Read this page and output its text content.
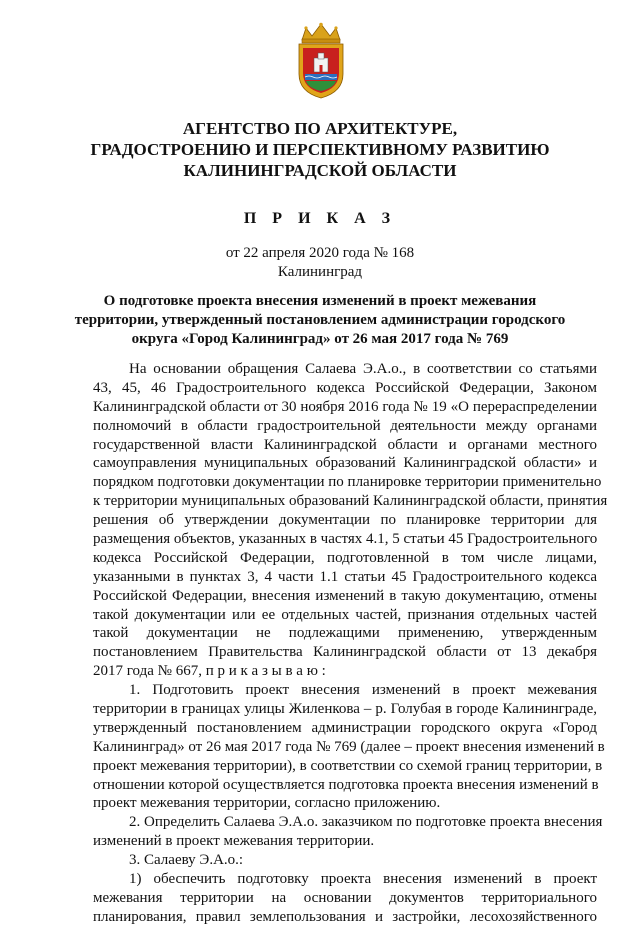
АГЕНТСТВО ПО АРХИТЕКТУРЕ,
ГРАДОСТРОЕНИЮ И ПЕРСПЕКТИВНОМУ РАЗВИТИЮ
КАЛИНИНГРАДСКОЙ ОБЛАСТИ
П Р И К А З
от 22 апреля 2020 года № 168
Калининград
О подготовке проекта внесения изменений в проект межевания
территории, утвержденный постановлением администрации городского
округа «Город Калининград» от 26 мая 2017 года № 769
На основании обращения Салаева Э.А.о., в соответствии со статьями
43, 45, 46 Градостроительного кодекса Российской Федерации, Законом
Калининградской области от 30 ноября 2016 года № 19 «О перераспределении
полномочий в области градостроительной деятельности между органами
государственной власти Калининградской области и органами местного
самоуправления муниципальных образований Калининградской области» и
порядком подготовки документации по планировке территории применительно
к территории муниципальных образований Калининградской области, принятия
решения об утверждении документации по планировке территории для
размещения объектов, указанных в частях 4.1, 5 статьи 45 Градостроительного
кодекса Российской Федерации, подготовленной в том числе лицами,
указанными в пунктах 3, 4 части 1.1 статьи 45 Градостроительного кодекса
Российской Федерации, внесения изменений в такую документацию, отмены
такой документации или ее отдельных частей, признания отдельных частей
такой документации не подлежащими применению, утвержденным
постановлением Правительства Калининградской области от 13 декабря
2017 года № 667, п р и к а з ы в а ю :
1. Подготовить проект внесения изменений в проект межевания
территории в границах улицы Жиленкова – р. Голубая в городе Калининграде,
утвержденный постановлением администрации городского округа «Город
Калининград» от 26 мая 2017 года № 769 (далее – проект внесения изменений в
проект межевания территории), в соответствии со схемой границ территории, в
отношении которой осуществляется подготовка проекта внесения изменений в
проект межевания территории, согласно приложению.
2. Определить Салаева Э.А.о. заказчиком по подготовке проекта внесения
изменений в проект межевания территории.
3. Салаеву Э.А.о.:
1) обеспечить подготовку проекта внесения изменений в проект
межевания территории на основании документов территориального
планирования, правил землепользования и застройки, лесохозяйственного
